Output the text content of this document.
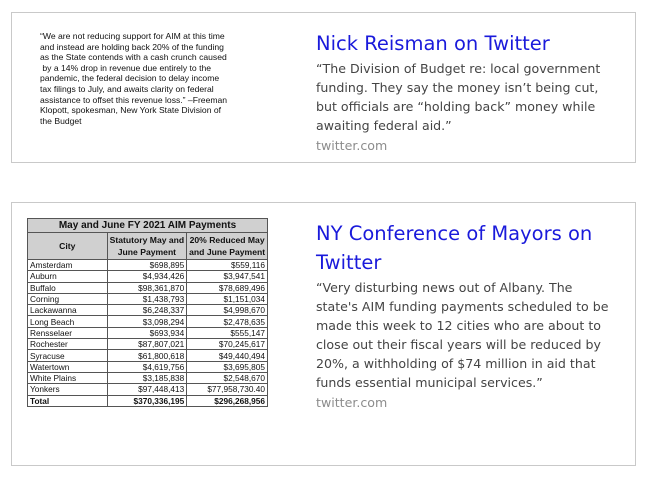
“We are not reducing support for AIM at this time

and instead are holding back 20% of the funding

as the State contends with a cash crunch caused

by a 14% drop in revenue due entirely to the

pandemic, the federal decision to delay income

tax filings to July, and awaits clarity on federal

assistance to offset this revenue loss.” –Freeman

Klopott, spokesman, New York State Division of

the Budget

Nick Reisman on Twitter
“The Division of Budget re: local government funding. They say the money isn’t being cut, but officials are “holding back” money while awaiting federal aid.”
twitter.com
May and June FY 2021 AIM Payments		
City	Statutory May and June Payment	20% Reduced May and June Payment
Amsterdam	$698,895	$559,116
Auburn	$4,934,426	$3,947,541
Buffalo	$98,361,870	$78,689,496
Corning	$1,438,793	$1,151,034
Lackawanna	$6,248,337	$4,998,670
Long Beach	$3,098,294	$2,478,635
Rensselaer	$693,934	$555,147
Rochester	$87,807,021	$70,245,617
Syracuse	$61,800,618	$49,440,494
Watertown	$4,619,756	$3,695,805
White Plains	$3,185,838	$2,548,670
Yonkers	$97,448,413	$77,958,730.40
Total	$370,336,195	$296,268,956
NY Conference of Mayors on Twitter
“Very disturbing news out of Albany. The state's AIM funding payments scheduled to be made this week to 12 cities who are about to close out their fiscal years will be reduced by 20%, a withholding of $74 million in aid that funds essential municipal services.”
twitter.com
